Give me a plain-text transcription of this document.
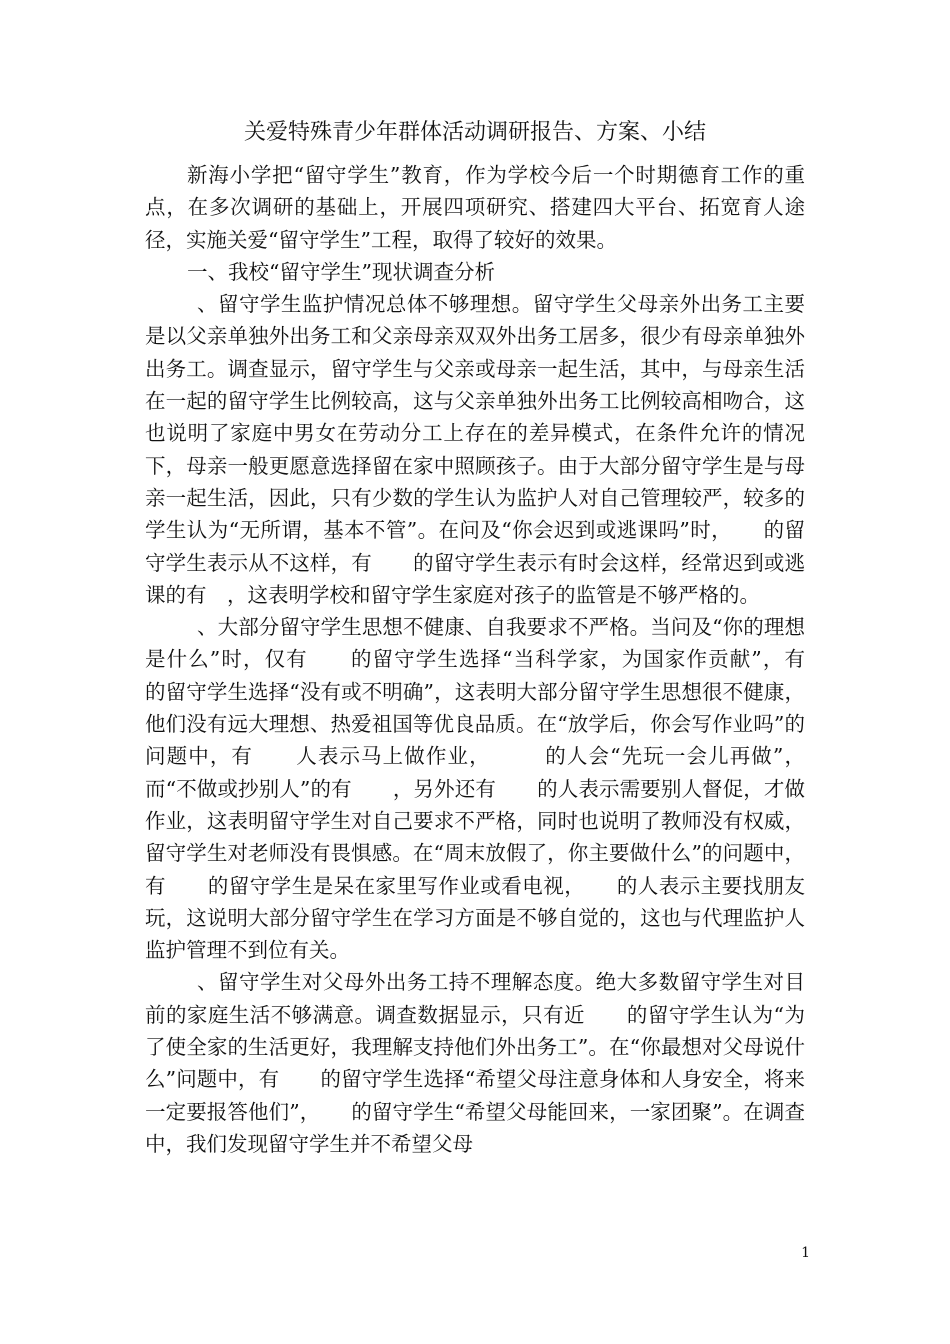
关爱特殊青少年群体活动调研报告、方案、小结

新海小学把“留守学生”教育，作为学校今后一个时期德育工作的重点，在多次调研的基础上，开展四项研究、搭建四大平台、拓宽育人途径，实施关爱“留守学生”工程，取得了较好的效果。

一、我校“留守学生”现状调查分析

、留守学生监护情况总体不够理想。留守学生父母亲外出务工主要是以父亲单独外出务工和父亲母亲双双外出务工居多，很少有母亲单独外出务工。调查显示，留守学生与父亲或母亲一起生活，其中，与母亲生活在一起的留守学生比例较高，这与父亲单独外出务工比例较高相吻合，这也说明了家庭中男女在劳动分工上存在的差异模式，在条件允许的情况下，母亲一般更愿意选择留在家中照顾孩子。由于大部分留守学生是与母亲一起生活，因此，只有少数的学生认为监护人对自己管理较严，较多的学生认为“无所谓，基本不管”。在问及“你会迟到或逃课吗”时，　　的留守学生表示从不这样，有　　的留守学生表示有时会这样，经常迟到或逃课的有　，这表明学校和留守学生家庭对孩子的监管是不够严格的。

、大部分留守学生思想不健康、自我要求不严格。当问及“你的理想是什么”时，仅有　　的留守学生选择“当科学家，为国家作贡献”，有　　的留守学生选择“没有或不明确”，这表明大部分留守学生思想很不健康，他们没有远大理想、热爱祖国等优良品质。在“放学后，你会写作业吗”的问题中，有　　人表示马上做作业，　　　的人会“先玩一会儿再做”，而“不做或抄别人”的有　　，另外还有　　的人表示需要别人督促，才做作业，这表明留守学生对自己要求不严格，同时也说明了教师没有权威，留守学生对老师没有畏惧感。在“周末放假了，你主要做什么”的问题中，有　　的留守学生是呆在家里写作业或看电视，　　的人表示主要找朋友玩，这说明大部分留守学生在学习方面是不够自觉的，这也与代理监护人监护管理不到位有关。

、留守学生对父母外出务工持不理解态度。绝大多数留守学生对目前的家庭生活不够满意。调查数据显示，只有近　　的留守学生认为“为了使全家的生活更好，我理解支持他们外出务工”。在“你最想对父母说什么”问题中，有　　的留守学生选择“希望父母注意身体和人身安全，将来一定要报答他们”，　　的留守学生“希望父母能回来，一家团聚”。在调查中，我们发现留守学生并不希望父母

1
